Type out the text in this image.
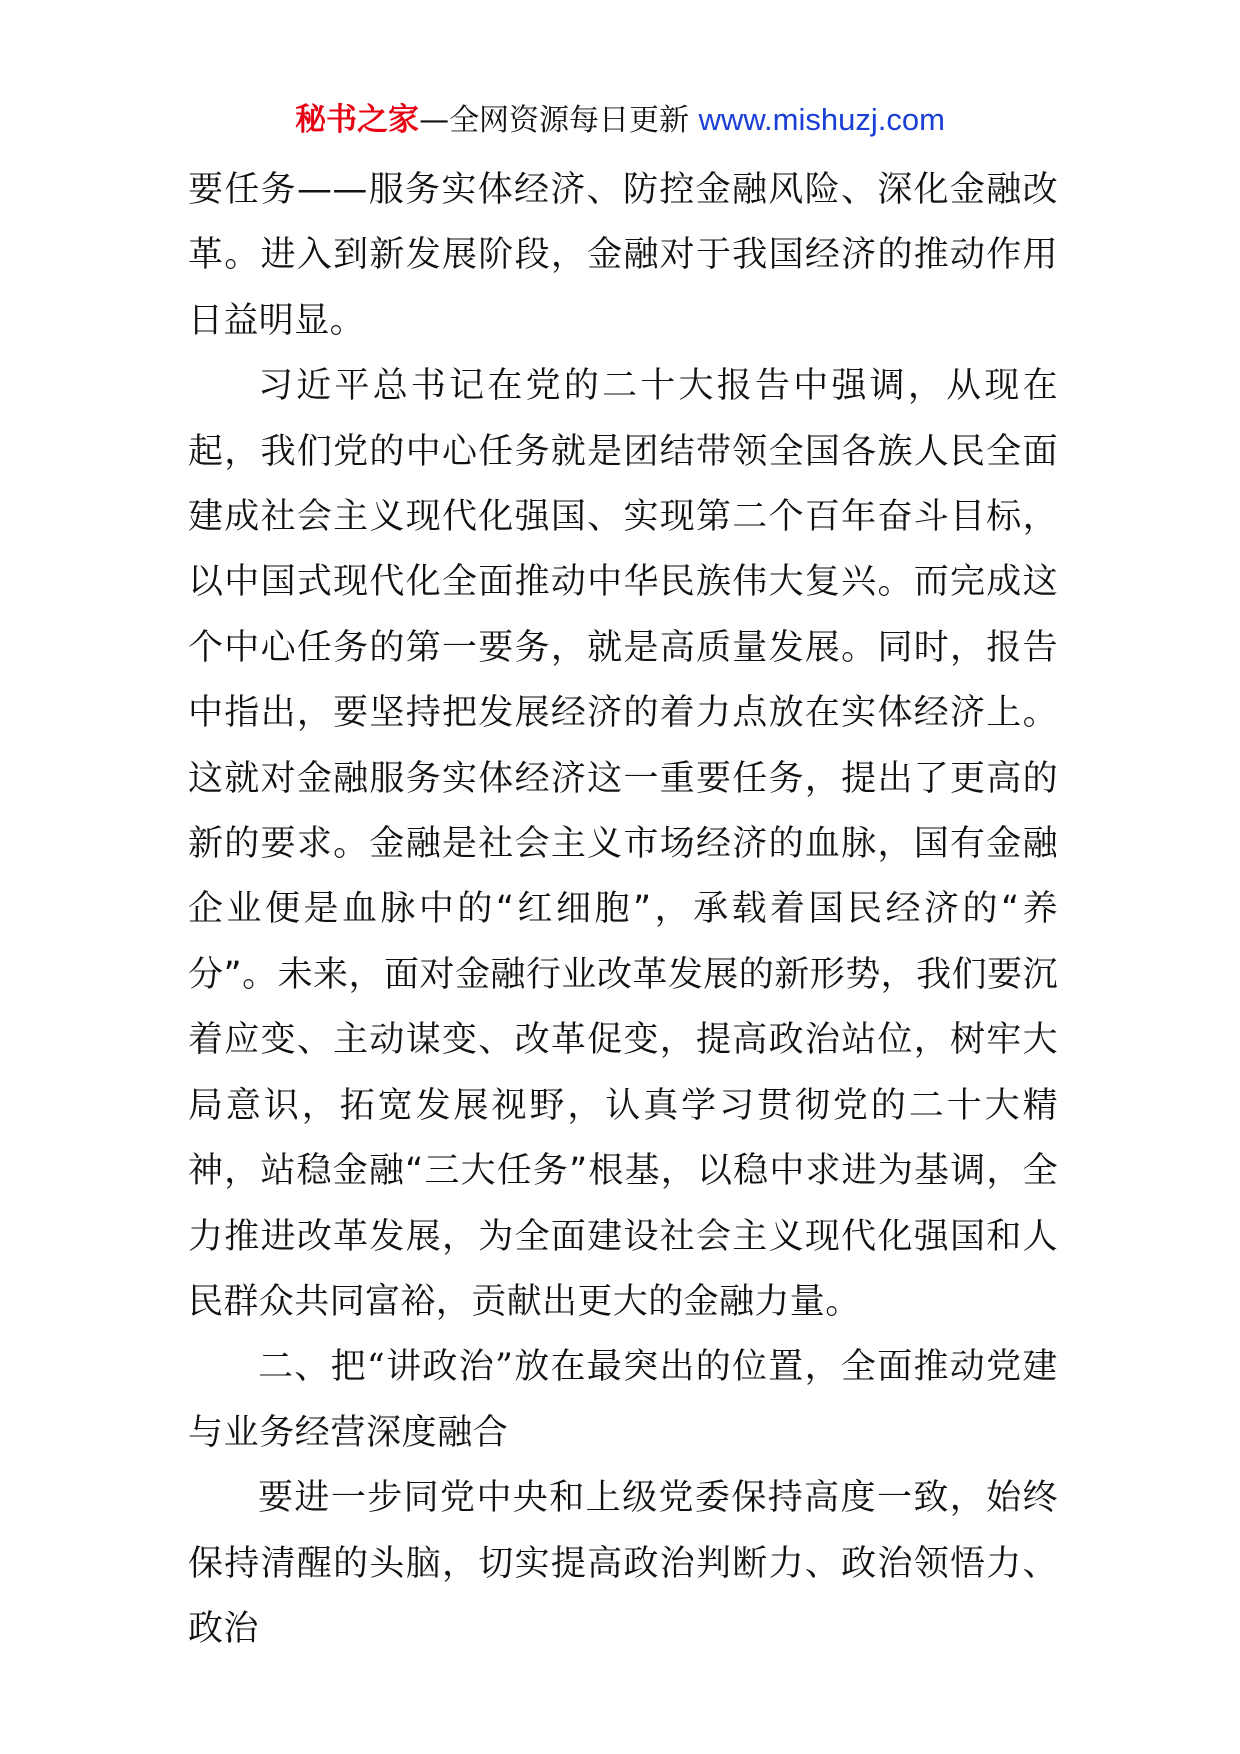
秘书之家—全网资源每日更新 www.mishuzj.com

要任务——服务实体经济、防控金融风险、深化金融改革。进入到新发展阶段，金融对于我国经济的推动作用日益明显。

习近平总书记在党的二十大报告中强调，从现在起，我们党的中心任务就是团结带领全国各族人民全面建成社会主义现代化强国、实现第二个百年奋斗目标，以中国式现代化全面推动中华民族伟大复兴。而完成这个中心任务的第一要务，就是高质量发展。同时，报告中指出，要坚持把发展经济的着力点放在实体经济上。这就对金融服务实体经济这一重要任务，提出了更高的新的要求。金融是社会主义市场经济的血脉，国有金融企业便是血脉中的“红细胞”，承载着国民经济的“养分”。未来，面对金融行业改革发展的新形势，我们要沉着应变、主动谋变、改革促变，提高政治站位，树牢大局意识，拓宽发展视野，认真学习贯彻党的二十大精神，站稳金融“三大任务”根基，以稳中求进为基调，全力推进改革发展，为全面建设社会主义现代化强国和人民群众共同富裕，贡献出更大的金融力量。

二、把“讲政治”放在最突出的位置，全面推动党建与业务经营深度融合

要进一步同党中央和上级党委保持高度一致，始终保持清醒的头脑，切实提高政治判断力、政治领悟力、政治
